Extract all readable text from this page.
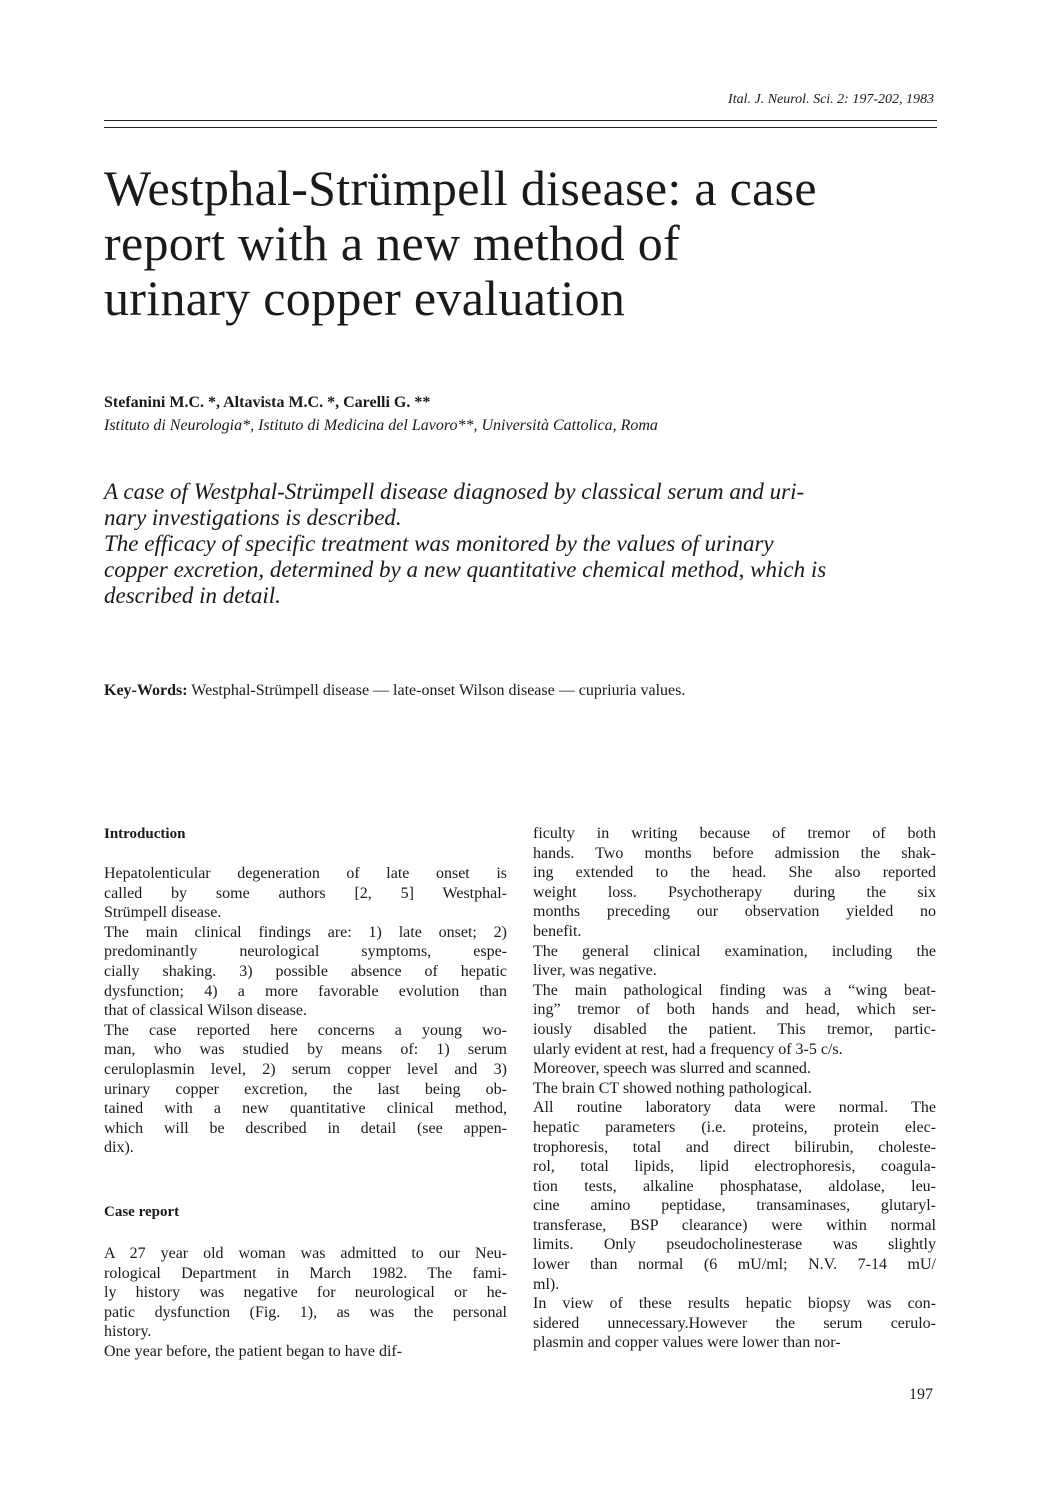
Ital. J. Neurol. Sci. 2: 197-202, 1983
Westphal-Strümpell disease: a case
report with a new method of
urinary copper evaluation
Stefanini M.C. *, Altavista M.C. *, Carelli G. **
Istituto di Neurologia*, Istituto di Medicina del Lavoro**, Università Cattolica, Roma
A case of Westphal-Strümpell disease diagnosed by classical serum and uri-
nary investigations is described.
The efficacy of specific treatment was monitored by the values of urinary
copper excretion, determined by a new quantitative chemical method, which is
described in detail.
Key-Words: Westphal-Strümpell disease — late-onset Wilson disease — cupriuria values.
Introduction
Hepatolenticular degeneration of late onset is
called by some authors [2, 5] Westphal-
Strümpell disease.
The main clinical findings are: 1) late onset; 2)
predominantly neurological symptoms, espe-
cially shaking. 3) possible absence of hepatic
dysfunction; 4) a more favorable evolution than
that of classical Wilson disease.
The case reported here concerns a young wo-
man, who was studied by means of: 1) serum
ceruloplasmin level, 2) serum copper level and 3)
urinary copper excretion, the last being ob-
tained with a new quantitative clinical method,
which will be described in detail (see appen-
dix).
Case report
A 27 year old woman was admitted to our Neu-
rological Department in March 1982. The fami-
ly history was negative for neurological or he-
patic dysfunction (Fig. 1), as was the personal
history.
One year before, the patient began to have dif-
ficulty in writing because of tremor of both
hands. Two months before admission the shak-
ing extended to the head. She also reported
weight loss. Psychotherapy during the six
months preceding our observation yielded no
benefit.
The general clinical examination, including the
liver, was negative.
The main pathological finding was a “wing beat-
ing” tremor of both hands and head, which ser-
iously disabled the patient. This tremor, partic-
ularly evident at rest, had a frequency of 3-5 c/s.
Moreover, speech was slurred and scanned.
The brain CT showed nothing pathological.
All routine laboratory data were normal. The
hepatic parameters (i.e. proteins, protein elec-
trophoresis, total and direct bilirubin, choleste-
rol, total lipids, lipid electrophoresis, coagula-
tion tests, alkaline phosphatase, aldolase, leu-
cine amino peptidase, transaminases, glutaryl-
transferase, BSP clearance) were within normal
limits. Only pseudocholinesterase was slightly
lower than normal (6 mU/ml; N.V. 7-14 mU/
ml).
In view of these results hepatic biopsy was con-
sidered unnecessary.However the serum cerulo-
plasmin and copper values were lower than nor-
197
